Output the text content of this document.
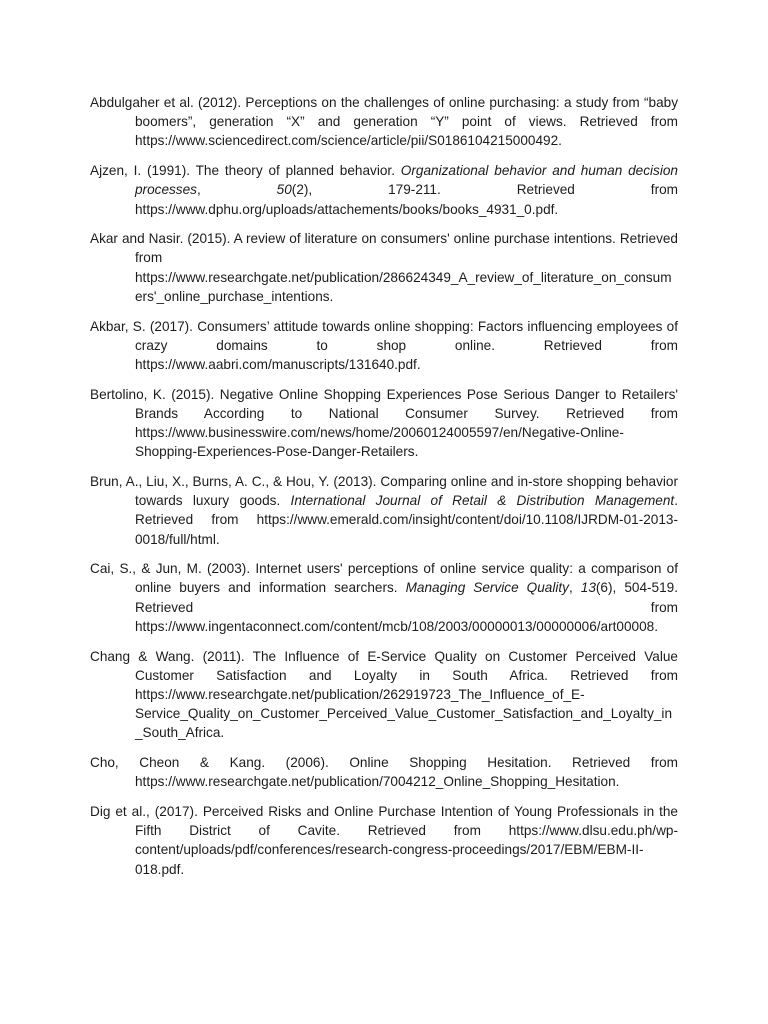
Abdulgaher et al. (2012). Perceptions on the challenges of online purchasing: a study from “baby boomers”, generation “X” and generation “Y” point of views. Retrieved from https://www.sciencedirect.com/science/article/pii/S0186104215000492.

Ajzen, I. (1991). The theory of planned behavior. Organizational behavior and human decision processes, 50(2), 179-211. Retrieved from https://www.dphu.org/uploads/attachements/books/books_4931_0.pdf.

Akar and Nasir. (2015). A review of literature on consumers' online purchase intentions. Retrieved from https://www.researchgate.net/publication/286624349_A_review_of_literature_on_consumers'_online_purchase_intentions.

Akbar, S. (2017). Consumers’ attitude towards online shopping: Factors influencing employees of crazy domains to shop online. Retrieved from https://www.aabri.com/manuscripts/131640.pdf.

Bertolino, K. (2015). Negative Online Shopping Experiences Pose Serious Danger to Retailers' Brands According to National Consumer Survey. Retrieved from https://www.businesswire.com/news/home/20060124005597/en/Negative-Online-Shopping-Experiences-Pose-Danger-Retailers.

Brun, A., Liu, X., Burns, A. C., & Hou, Y. (2013). Comparing online and in-store shopping behavior towards luxury goods. International Journal of Retail & Distribution Management. Retrieved from https://www.emerald.com/insight/content/doi/10.1108/IJRDM-01-2013-0018/full/html.

Cai, S., & Jun, M. (2003). Internet users' perceptions of online service quality: a comparison of online buyers and information searchers. Managing Service Quality, 13(6), 504-519. Retrieved from https://www.ingentaconnect.com/content/mcb/108/2003/00000013/00000006/art00008.

Chang & Wang. (2011). The Influence of E-Service Quality on Customer Perceived Value Customer Satisfaction and Loyalty in South Africa. Retrieved from https://www.researchgate.net/publication/262919723_The_Influence_of_E-Service_Quality_on_Customer_Perceived_Value_Customer_Satisfaction_and_Loyalty_in_South_Africa.

Cho, Cheon & Kang. (2006). Online Shopping Hesitation. Retrieved from https://www.researchgate.net/publication/7004212_Online_Shopping_Hesitation.

Dig et al., (2017). Perceived Risks and Online Purchase Intention of Young Professionals in the Fifth District of Cavite. Retrieved from https://www.dlsu.edu.ph/wp-content/uploads/pdf/conferences/research-congress-proceedings/2017/EBM/EBM-II-018.pdf.
